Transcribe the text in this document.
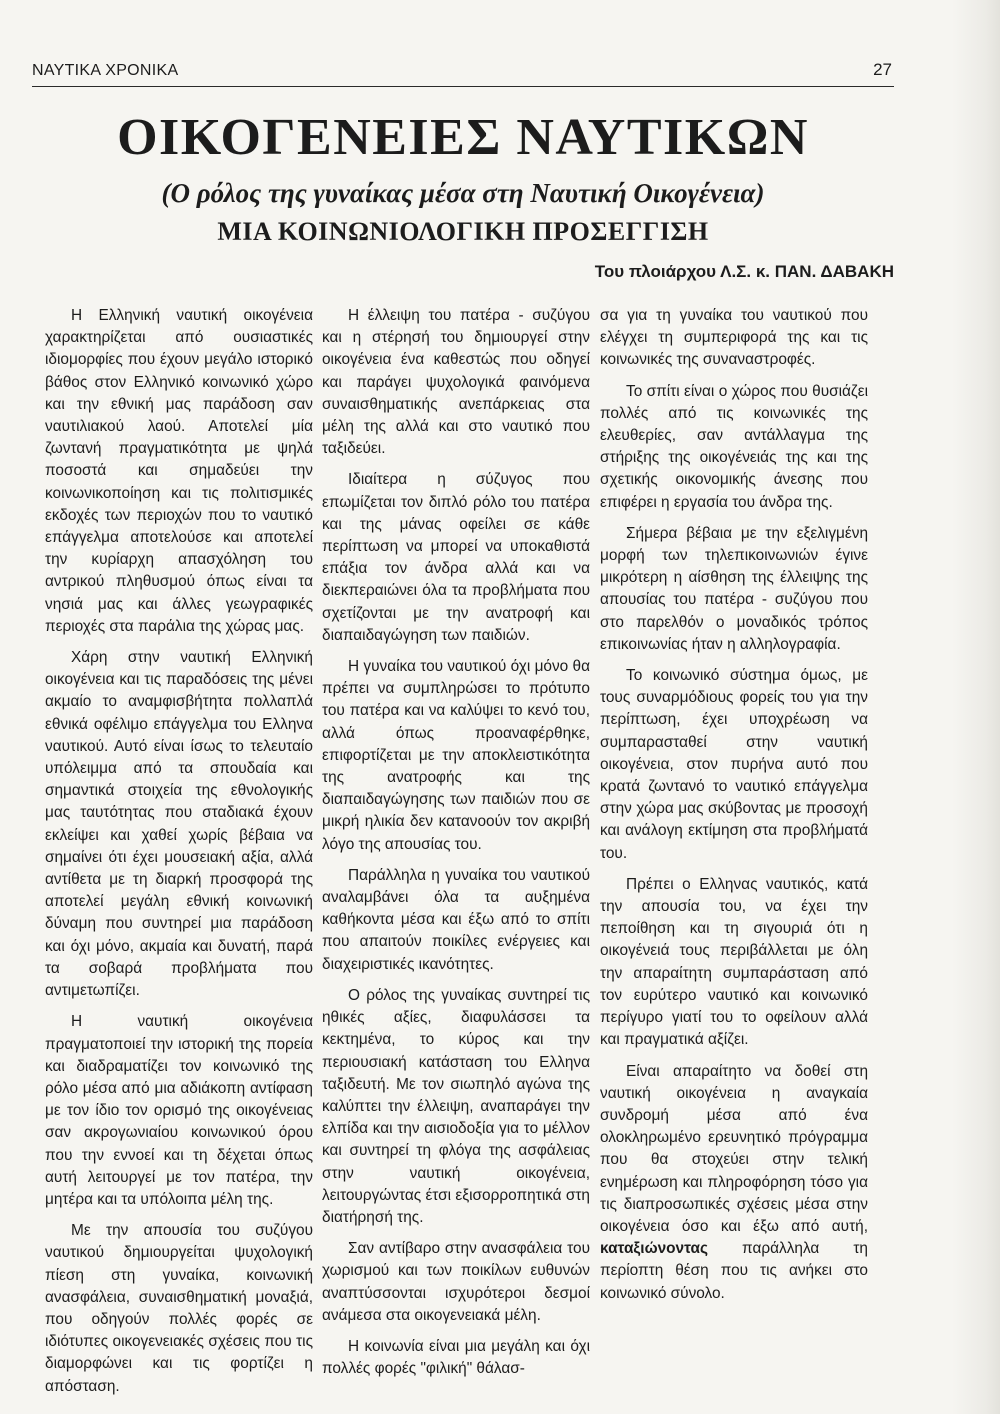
ΝΑΥΤΙΚΑ ΧΡΟΝΙΚΑ	27
ΟΙΚΟΓΕΝΕΙΕΣ ΝΑΥΤΙΚΩΝ
(Ο ρόλος της γυναίκας μέσα στη Ναυτική Οικογένεια)
ΜΙΑ ΚΟΙΝΩΝΙΟΛΟΓΙΚΗ ΠΡΟΣΕΓΓΙΣΗ
Του πλοιάρχου Λ.Σ. κ. ΠΑΝ. ΔΑΒΑΚΗ

Η Ελληνική ναυτική οικογένεια χαρακτηρίζεται από ουσιαστικές ιδιομορφίες που έχουν μεγάλο ιστορικό βάθος στον Ελληνικό κοινωνικό χώρο και την εθνική μας παράδοση σαν ναυτιλιακού λαού. Αποτελεί μία ζωντανή πραγματικότητα με ψηλά ποσοστά και σημαδεύει την κοινωνικοποίηση και τις πολιτισμικές εκδοχές των περιοχών που το ναυτικό επάγγελμα αποτελούσε και αποτελεί την κυρίαρχη απασχόληση του αντρικού πληθυσμού όπως είναι τα νησιά μας και άλλες γεωγραφικές περιοχές στα παράλια της χώρας μας.

Χάρη στην ναυτική Ελληνική οικογένεια και τις παραδόσεις της μένει ακμαίο το αναμφισβήτητα πολλαπλά εθνικά οφέλιμο επάγγελμα του Ελληνα ναυτικού. Αυτό είναι ίσως το τελευταίο υπόλειμμα από τα σπουδαία και σημαντικά στοιχεία της εθνολογικής μας ταυτότητας που σταδιακά έχουν εκλείψει και χαθεί χωρίς βέβαια να σημαίνει ότι έχει μουσειακή αξία, αλλά αντίθετα με τη διαρκή προσφορά της αποτελεί μεγάλη εθνική κοινωνική δύναμη που συντηρεί μια παράδοση και όχι μόνο, ακμαία και δυνατή, παρά τα σοβαρά προβλήματα που αντιμετωπίζει.

Η ναυτική οικογένεια πραγματοποιεί την ιστορική της πορεία και διαδραματίζει τον κοινωνικό της ρόλο μέσα από μια αδιάκοπη αντίφαση με τον ίδιο τον ορισμό της οικογένειας σαν ακρογωνιαίου κοινωνικού όρου που την εννοεί και τη δέχεται όπως αυτή λειτουργεί με τον πατέρα, την μητέρα και τα υπόλοιπα μέλη της.

Με την απουσία του συζύγου ναυτικού δημιουργείται ψυχολογική πίεση στη γυναίκα, κοινωνική ανασφάλεια, συναισθηματική μοναξιά, που οδηγούν πολλές φορές σε ιδιότυπες οικογενειακές σχέσεις που τις διαμορφώνει και τις φορτίζει η απόσταση.

Η έλλειψη του πατέρα - συζύγου και η στέρησή του δημιουργεί στην οικογένεια ένα καθεστώς που οδηγεί και παράγει ψυχολογικά φαινόμενα συναισθηματικής ανεπάρκειας στα μέλη της αλλά και στο ναυτικό που ταξιδεύει.

Ιδιαίτερα η σύζυγος που επωμίζεται τον διπλό ρόλο του πατέρα και της μάνας οφείλει σε κάθε περίπτωση να μπορεί να υποκαθιστά επάξια τον άνδρα αλλά και να διεκπεραιώνει όλα τα προβλήματα που σχετίζονται με την ανατροφή και διαπαιδαγώγηση των παιδιών.

Η γυναίκα του ναυτικού όχι μόνο θα πρέπει να συμπληρώσει το πρότυπο του πατέρα και να καλύψει το κενό του, αλλά όπως προαναφέρθηκε, επιφορτίζεται με την αποκλειστικότητα της ανατροφής και της διαπαιδαγώγησης των παιδιών που σε μικρή ηλικία δεν κατανοούν τον ακριβή λόγο της απουσίας του.

Παράλληλα η γυναίκα του ναυτικού αναλαμβάνει όλα τα αυξημένα καθήκοντα μέσα και έξω από το σπίτι που απαιτούν ποικίλες ενέργειες και διαχειριστικές ικανότητες.

Ο ρόλος της γυναίκας συντηρεί τις ηθικές αξίες, διαφυλάσσει τα κεκτημένα, το κύρος και την περιουσιακή κατάσταση του Ελληνα ταξιδευτή. Με τον σιωπηλό αγώνα της καλύπτει την έλλειψη, αναπαράγει την ελπίδα και την αισιοδοξία για το μέλλον και συντηρεί τη φλόγα της ασφάλειας στην ναυτική οικογένεια, λειτουργώντας έτσι εξισορροπητικά στη διατήρησή της.

Σαν αντίβαρο στην ανασφάλεια του χωρισμού και των ποικίλων ευθυνών αναπτύσσονται ισχυρότεροι δεσμοί ανάμεσα στα οικογενειακά μέλη.

Η κοινωνία είναι μια μεγάλη και όχι πολλές φορές "φιλική" θάλασ-

σα για τη γυναίκα του ναυτικού που ελέγχει τη συμπεριφορά της και τις κοινωνικές της συναναστροφές.

Το σπίτι είναι ο χώρος που θυσιάζει πολλές από τις κοινωνικές της ελευθερίες, σαν αντάλλαγμα της στήριξης της οικογένειάς της και της σχετικής οικονομικής άνεσης που επιφέρει η εργασία του άνδρα της.

Σήμερα βέβαια με την εξελιγμένη μορφή των τηλεπικοινωνιών έγινε μικρότερη η αίσθηση της έλλειψης της απουσίας του πατέρα - συζύγου που στο παρελθόν ο μοναδικός τρόπος επικοινωνίας ήταν η αλληλογραφία.

Το κοινωνικό σύστημα όμως, με τους συναρμόδιους φορείς του για την περίπτωση, έχει υποχρέωση να συμπαρασταθεί στην ναυτική οικογένεια, στον πυρήνα αυτό που κρατά ζωντανό το ναυτικό επάγγελμα στην χώρα μας σκύβοντας με προσοχή και ανάλογη εκτίμηση στα προβλήματά του.

Πρέπει ο Ελληνας ναυτικός, κατά την απουσία του, να έχει την πεποίθηση και τη σιγουριά ότι η οικογένειά τους περιβάλλεται με όλη την απαραίτητη συμπαράσταση από τον ευρύτερο ναυτικό και κοινωνικό περίγυρο γιατί του το οφείλουν αλλά και πραγματικά αξίζει.

Είναι απαραίτητο να δοθεί στη ναυτική οικογένεια η αναγκαία συνδρομή μέσα από ένα ολοκληρωμένο ερευνητικό πρόγραμμα που θα στοχεύει στην τελική ενημέρωση και πληροφόρηση τόσο για τις διαπροσωπικές σχέσεις μέσα στην οικογένεια όσο και έξω από αυτή, καταξιώνοντας παράλληλα τη περίοπτη θέση που τις ανήκει στο κοινωνικό σύνολο.
